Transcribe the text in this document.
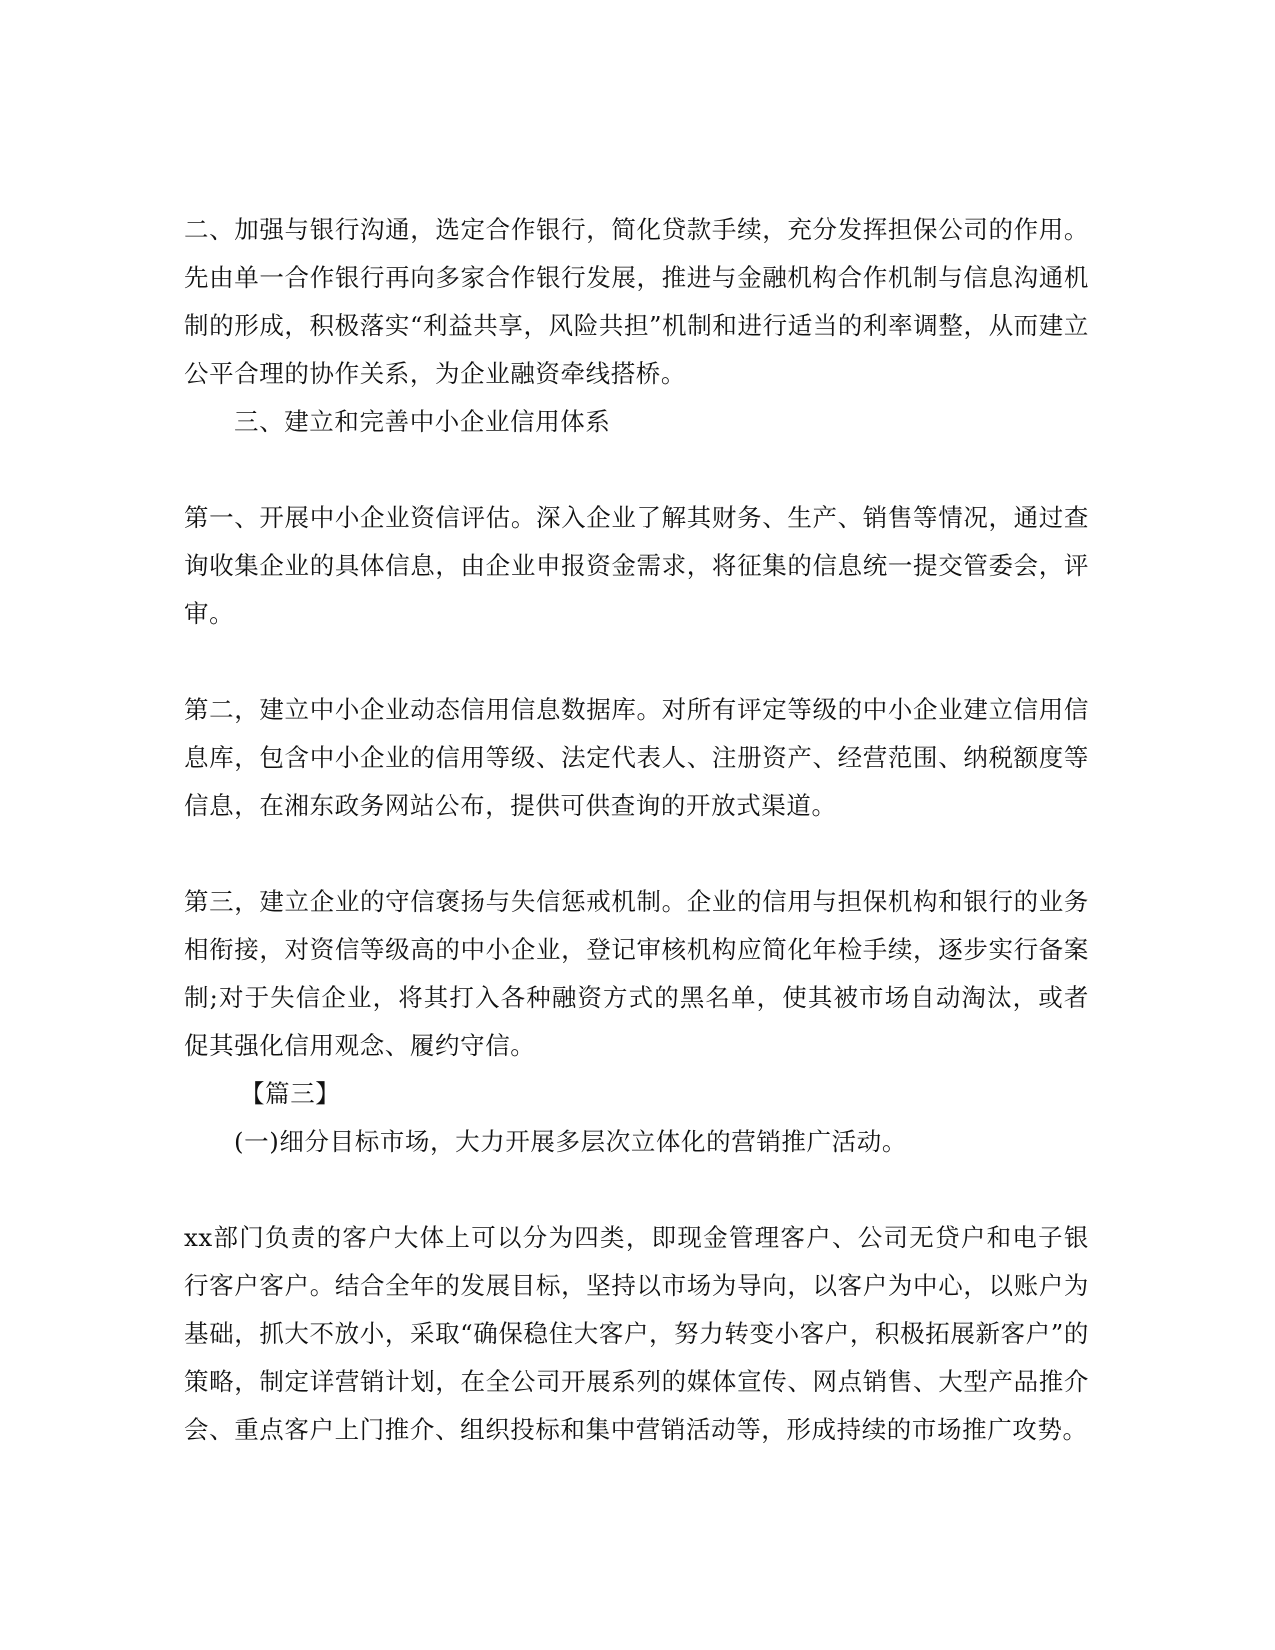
二、加强与银行沟通，选定合作银行，简化贷款手续，充分发挥担保公司的作用。先由单一合作银行再向多家合作银行发展，推进与金融机构合作机制与信息沟通机制的形成，积极落实“利益共享，风险共担”机制和进行适当的利率调整，从而建立公平合理的协作关系，为企业融资牵线搭桥。

三、建立和完善中小企业信用体系

第一、开展中小企业资信评估。深入企业了解其财务、生产、销售等情况，通过查询收集企业的具体信息，由企业申报资金需求，将征集的信息统一提交管委会，评审。

第二，建立中小企业动态信用信息数据库。对所有评定等级的中小企业建立信用信息库，包含中小企业的信用等级、法定代表人、注册资产、经营范围、纳税额度等信息，在湘东政务网站公布，提供可供查询的开放式渠道。

第三，建立企业的守信褒扬与失信惩戒机制。企业的信用与担保机构和银行的业务相衔接，对资信等级高的中小企业，登记审核机构应简化年检手续，逐步实行备案制;对于失信企业，将其打入各种融资方式的黑名单，使其被市场自动淘汰，或者促其强化信用观念、履约守信。

【篇三】

(一)细分目标市场，大力开展多层次立体化的营销推广活动。

xx部门负责的客户大体上可以分为四类，即现金管理客户、公司无贷户和电子银行客户客户。结合全年的发展目标，坚持以市场为导向，以客户为中心，以账户为基础，抓大不放小，采取“确保稳住大客户，努力转变小客户，积极拓展新客户”的策略，制定详营销计划，在全公司开展系列的媒体宣传、网点销售、大型产品推介会、重点客户上门推介、组织投标和集中营销活动等，形成持续的市场推广攻势。
